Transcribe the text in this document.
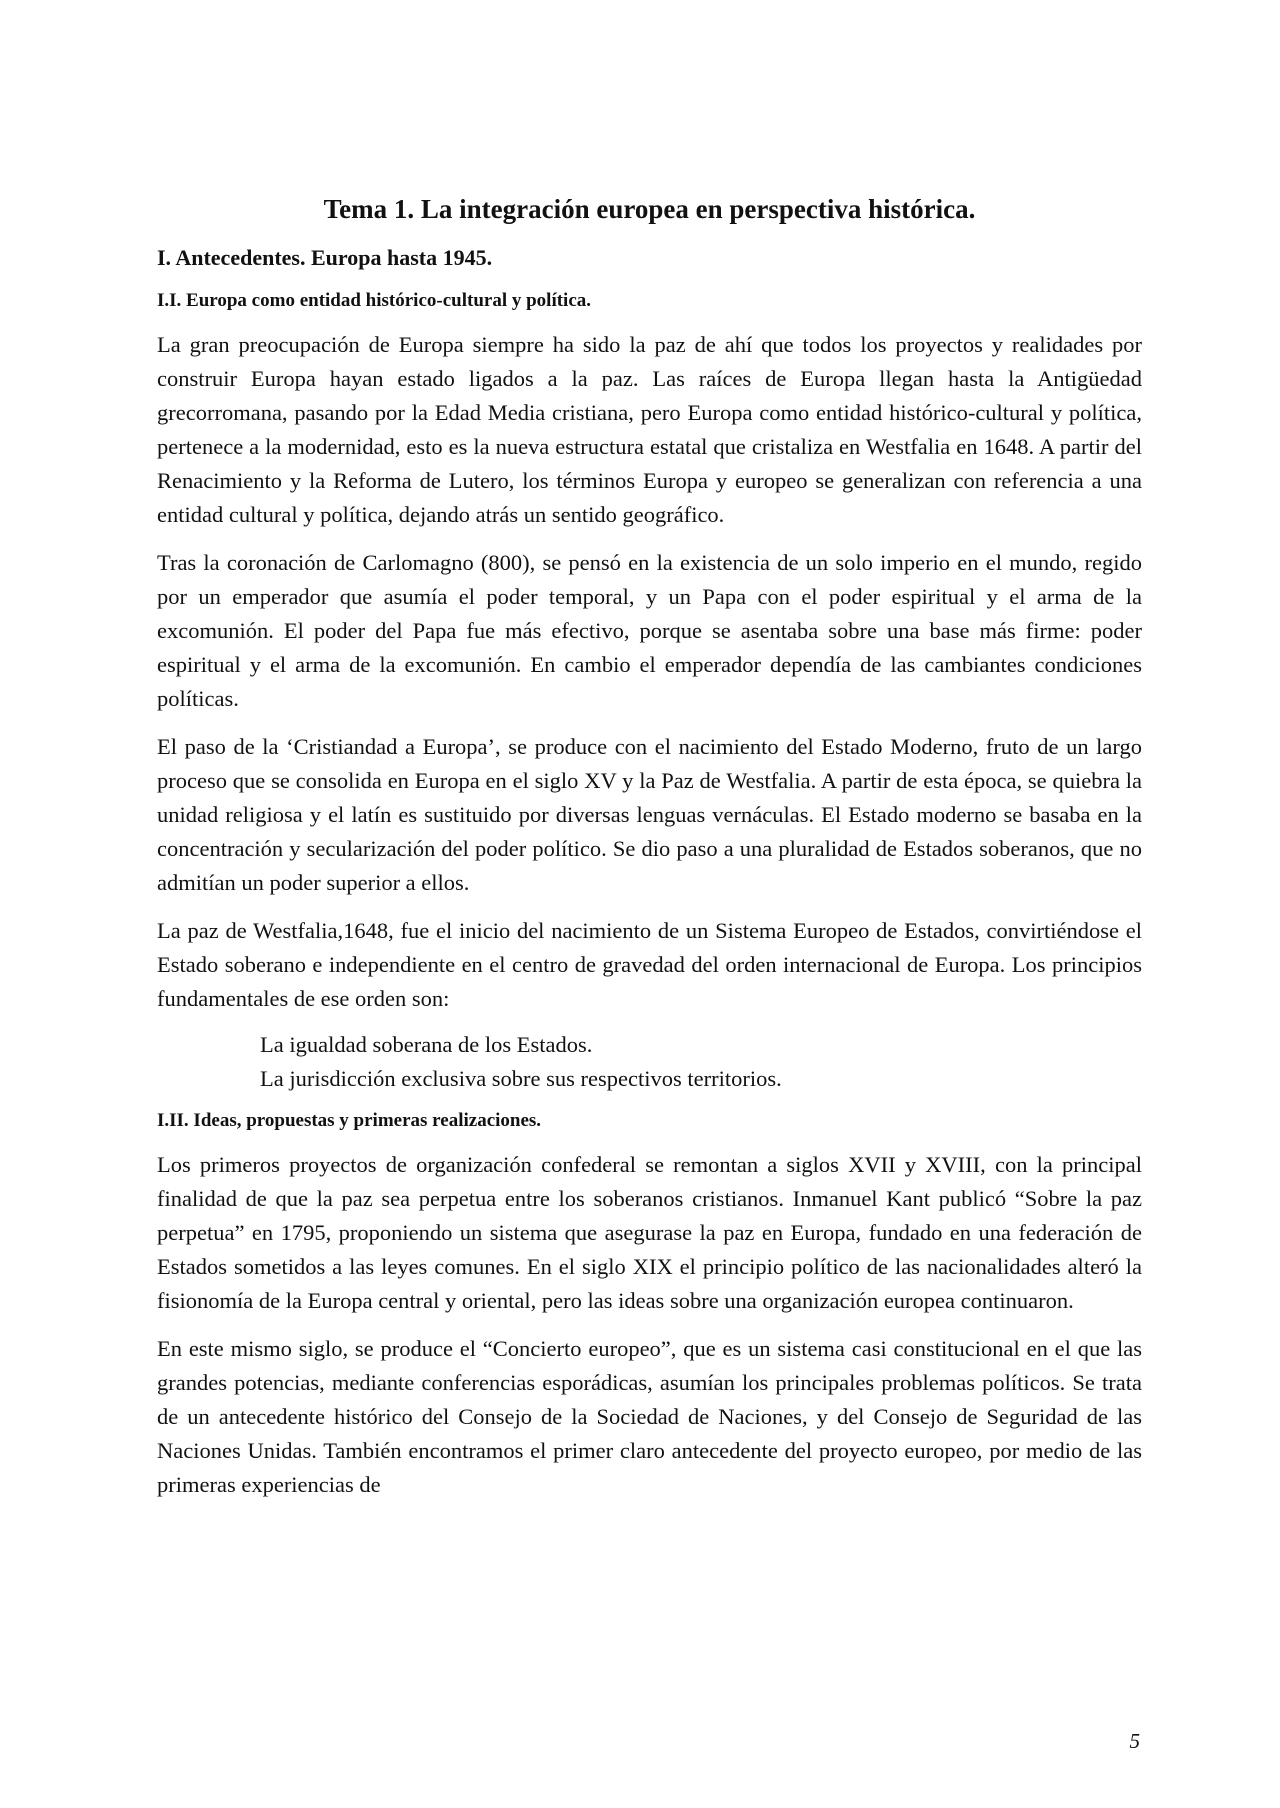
Tema 1. La integración europea en perspectiva histórica.
I. Antecedentes. Europa hasta 1945.
I.I. Europa como entidad histórico-cultural y política.

La gran preocupación de Europa siempre ha sido la paz de ahí que todos los proyectos y realidades por construir Europa hayan estado ligados a la paz. Las raíces de Europa llegan hasta la Antigüedad grecorromana, pasando por la Edad Media cristiana, pero Europa como entidad histórico-cultural y política, pertenece a la modernidad, esto es la nueva estructura estatal que cristaliza en Westfalia en 1648. A partir del Renacimiento y la Reforma de Lutero, los términos Europa y europeo se generalizan con referencia a una entidad cultural y política, dejando atrás un sentido geográfico.

Tras la coronación de Carlomagno (800), se pensó en la existencia de un solo imperio en el mundo, regido por un emperador que asumía el poder temporal, y un Papa con el poder espiritual y el arma de la excomunión. El poder del Papa fue más efectivo, porque se asentaba sobre una base más firme: poder espiritual y el arma de la excomunión. En cambio el emperador dependía de las cambiantes condiciones políticas.

El paso de la ‘Cristiandad a Europa’, se produce con el nacimiento del Estado Moderno, fruto de un largo proceso que se consolida en Europa en el siglo XV y la Paz de Westfalia. A partir de esta época, se quiebra la unidad religiosa y el latín es sustituido por diversas lenguas vernáculas. El Estado moderno se basaba en la concentración y secularización del poder político. Se dio paso a una pluralidad de Estados soberanos, que no admitían un poder superior a ellos.

La paz de Westfalia,1648, fue el inicio del nacimiento de un Sistema Europeo de Estados, convirtiéndose el Estado soberano e independiente en el centro de gravedad del orden internacional de Europa. Los principios fundamentales de ese orden son:

La igualdad soberana de los Estados.
La jurisdicción exclusiva sobre sus respectivos territorios.
I.II. Ideas, propuestas y primeras realizaciones.

Los primeros proyectos de organización confederal se remontan a siglos XVII y XVIII, con la principal finalidad de que la paz sea perpetua entre los soberanos cristianos. Inmanuel Kant publicó “Sobre la paz perpetua” en 1795, proponiendo un sistema que asegurase la paz en Europa, fundado en una federación de Estados sometidos a las leyes comunes. En el siglo XIX el principio político de las nacionalidades alteró la fisionomía de la Europa central y oriental, pero las ideas sobre una organización europea continuaron.

En este mismo siglo, se produce el “Concierto europeo”, que es un sistema casi constitucional en el que las grandes potencias, mediante conferencias esporádicas, asumían los principales problemas políticos. Se trata de un antecedente histórico del Consejo de la Sociedad de Naciones, y del Consejo de Seguridad de las Naciones Unidas. También encontramos el primer claro antecedente del proyecto europeo, por medio de las primeras experiencias de

5
